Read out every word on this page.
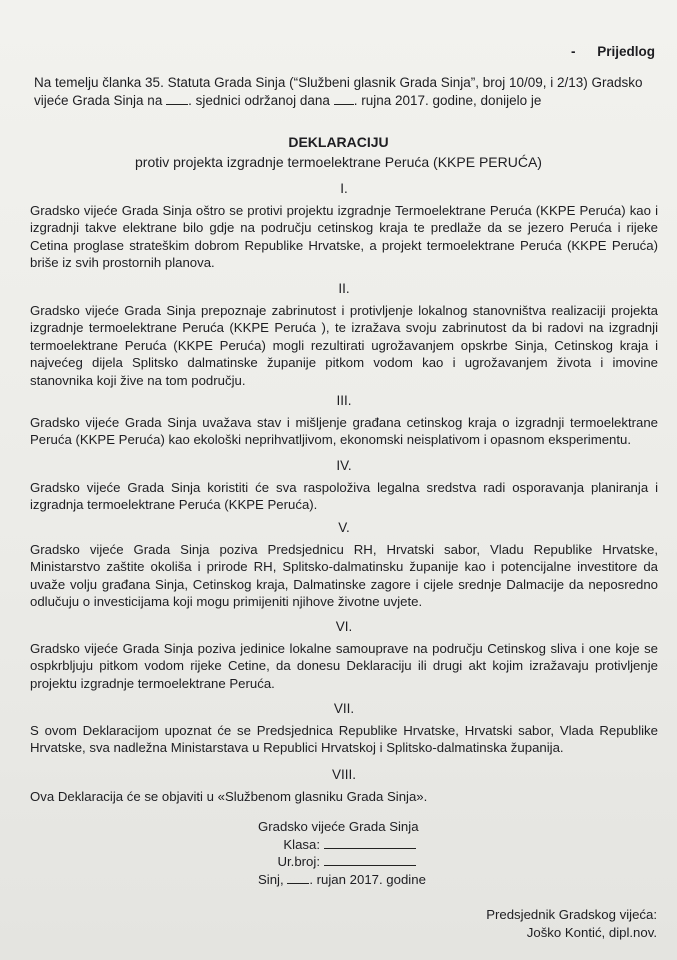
- Prijedlog
Na temelju članka 35. Statuta Grada Sinja (“Službeni glasnik Grada Sinja”, broj 10/09, i 2/13) Gradsko vijeće Grada Sinja na . sjednici održanoj dana . rujna 2017. godine, donijelo je
DEKLARACIJU
protiv projekta izgradnje termoelektrane Peruća (KKPE PERUĆA)
I.
Gradsko vijeće Grada Sinja oštro se protivi projektu izgradnje Termoelektrane Peruća (KKPE Peruća) kao i izgradnji takve elektrane bilo gdje na području cetinskog kraja te predlaže da se jezero Peruća i rijeke Cetina proglase strateškim dobrom Republike Hrvatske, a projekt termoelektrane Peruća (KKPE Peruća) briše iz svih prostornih planova.
II.
Gradsko vijeće Grada Sinja prepoznaje zabrinutost i protivljenje lokalnog stanovništva realizaciji projekta izgradnje termoelektrane Peruća (KKPE Peruća ), te izražava svoju zabrinutost da bi radovi na izgradnji termoelektrane Peruća (KKPE Peruća) mogli rezultirati ugrožavanjem opskrbe Sinja, Cetinskog kraja i najvećeg dijela Splitsko dalmatinske županije pitkom vodom kao i ugrožavanjem života i imovine stanovnika koji žive na tom području.
III.
Gradsko vijeće Grada Sinja uvažava stav i mišljenje građana cetinskog kraja o izgradnji termoelektrane Peruća (KKPE Peruća) kao ekološki neprihvatljivom, ekonomski neisplativom i opasnom eksperimentu.
IV.
Gradsko vijeće Grada Sinja koristiti će sva raspoloživa legalna sredstva radi osporavanja planiranja i izgradnja termoelektrane Peruća (KKPE Peruća).
V.
Gradsko vijeće Grada Sinja poziva Predsjednicu RH, Hrvatski sabor, Vladu Republike Hrvatske, Ministarstvo zaštite okoliša i prirode RH, Splitsko-dalmatinsku županije kao i potencijalne investitore da uvaže volju građana Sinja, Cetinskog kraja, Dalmatinske zagore i cijele srednje Dalmacije da neposredno odlučuju o investicijama koji mogu primijeniti njihove životne uvjete.
VI.
Gradsko vijeće Grada Sinja poziva jedinice lokalne samouprave na području Cetinskog sliva i one koje se ospkrbljuju pitkom vodom rijeke Cetine, da donesu Deklaraciju ili drugi akt kojim izražavaju protivljenje projektu izgradnje termoelektrane Peruća.
VII.
S ovom Deklaracijom upoznat će se Predsjednica Republike Hrvatske, Hrvatski sabor, Vlada Republike Hrvatske, sva nadležna Ministarstava u Republici Hrvatskoj i Splitsko-dalmatinska županija.
VIII.
Ova Deklaracija će se objaviti u «Službenom glasniku Grada Sinja».
Gradsko vijeće Grada Sinja
Klasa:
Ur.broj:
Sinj, . rujan 2017. godine
Predsjednik Gradskog vijeća:
Joško Kontić, dipl.nov.
